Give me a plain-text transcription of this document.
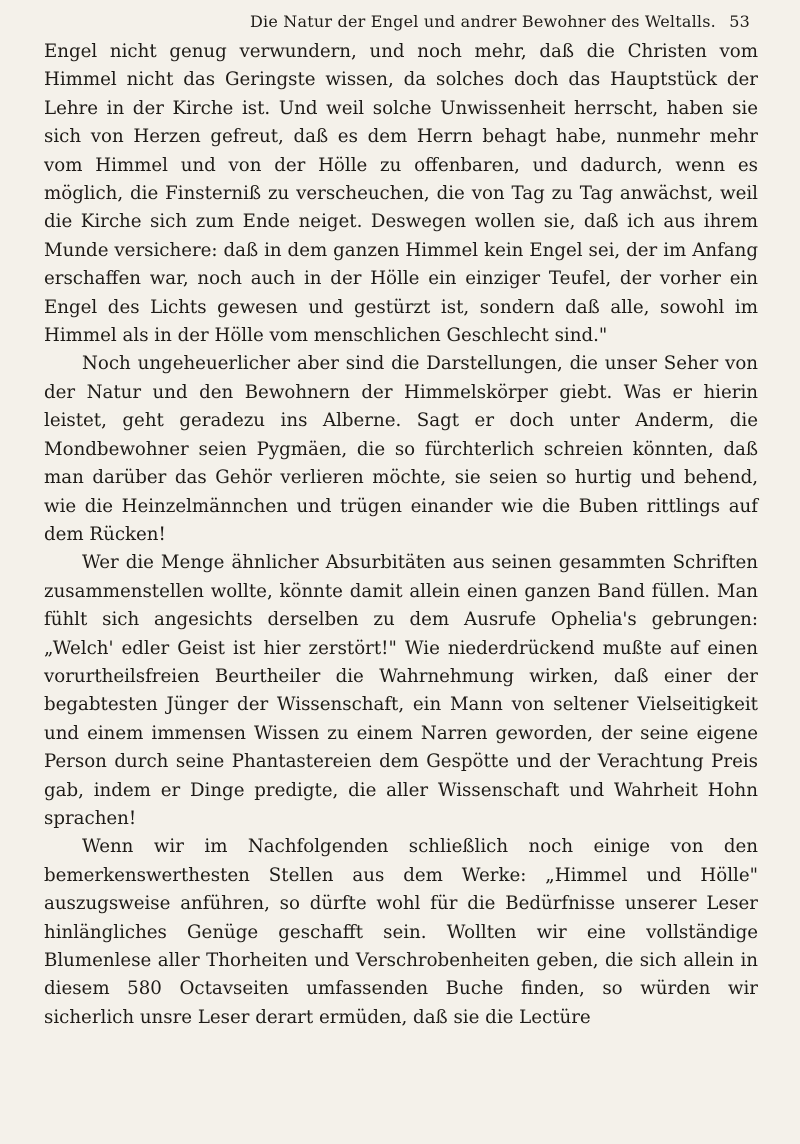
Die Natur der Engel und andrer Bewohner des Weltalls. 53

Engel nicht genug verwundern, und noch mehr, daß die Christen vom Himmel nicht das Geringste wissen, da solches doch das Hauptstück der Lehre in der Kirche ist. Und weil solche Unwissenheit herrscht, haben sie sich von Herzen gefreut, daß es dem Herrn behagt habe, nunmehr mehr vom Himmel und von der Hölle zu offenbaren, und dadurch, wenn es möglich, die Finsterniß zu verscheuchen, die von Tag zu Tag anwächst, weil die Kirche sich zum Ende neiget. Deswegen wollen sie, daß ich aus ihrem Munde versichere: daß in dem ganzen Himmel kein Engel sei, der im Anfang erschaffen war, noch auch in der Hölle ein einziger Teufel, der vorher ein Engel des Lichts gewesen und gestürzt ist, sondern daß alle, sowohl im Himmel als in der Hölle vom menschlichen Geschlecht sind."

Noch ungeheuerlicher aber sind die Darstellungen, die unser Seher von der Natur und den Bewohnern der Himmelskörper giebt. Was er hierin leistet, geht geradezu ins Alberne. Sagt er doch unter Anderm, die Mondbewohner seien Pygmäen, die so fürchterlich schreien könnten, daß man darüber das Gehör verlieren möchte, sie seien so hurtig und behend, wie die Heinzelmännchen und trügen einander wie die Buben rittlings auf dem Rücken!

Wer die Menge ähnlicher Absurbitäten aus seinen gesammten Schriften zusammenstellen wollte, könnte damit allein einen ganzen Band füllen. Man fühlt sich angesichts derselben zu dem Ausrufe Ophelia's gebrungen: „Welch' edler Geist ist hier zerstört!" Wie niederdrückend mußte auf einen vorurtheilsfreien Beurtheiler die Wahrnehmung wirken, daß einer der begabtesten Jünger der Wissenschaft, ein Mann von seltener Vielseitigkeit und einem immensen Wissen zu einem Narren geworden, der seine eigene Person durch seine Phantastereien dem Gespötte und der Verachtung Preis gab, indem er Dinge predigte, die aller Wissenschaft und Wahrheit Hohn sprachen!

Wenn wir im Nachfolgenden schließlich noch einige von den bemerkenswerthesten Stellen aus dem Werke: „Himmel und Hölle" auszugsweise anführen, so dürfte wohl für die Bedürfnisse unserer Leser hinlängliches Genüge geschafft sein. Wollten wir eine vollständige Blumenlese aller Thorheiten und Verschrobenheiten geben, die sich allein in diesem 580 Octavseiten umfassenden Buche finden, so würden wir sicherlich unsre Leser derart ermüden, daß sie die Lectüre
